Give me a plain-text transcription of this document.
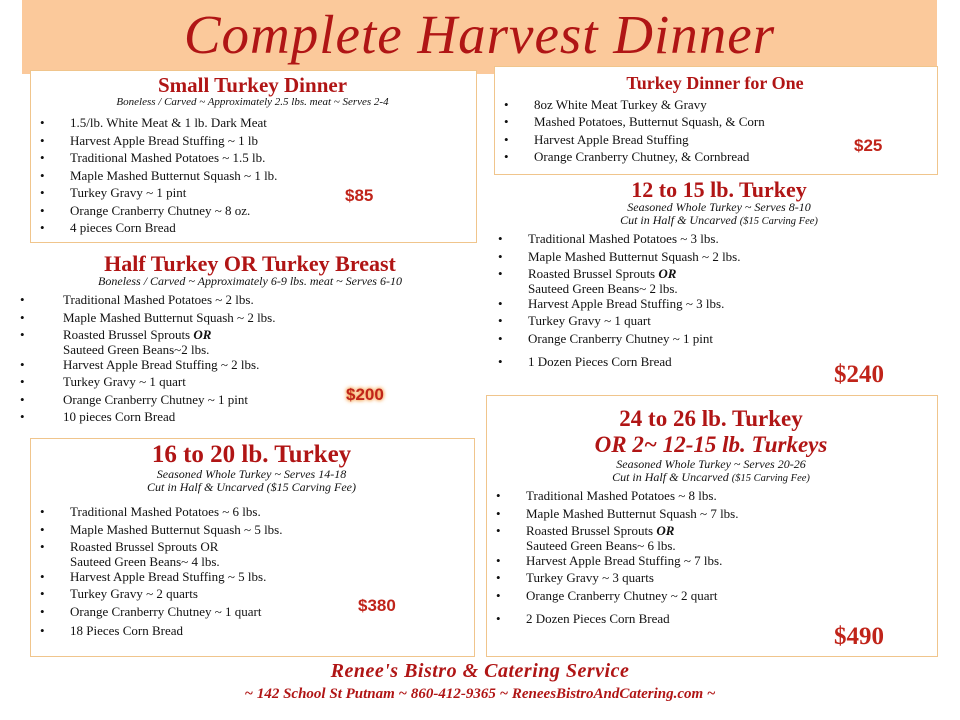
Complete Harvest Dinner
Small Turkey Dinner
Boneless / Carved ~ Approximately 2.5 lbs. meat ~ Serves 2-4
• 1.5/lb. White Meat & 1 lb. Dark Meat
• Harvest Apple Bread Stuffing ~ 1 lb
• Traditional Mashed Potatoes ~ 1.5 lb.
• Maple Mashed Butternut Squash ~ 1 lb.
• Turkey Gravy ~ 1 pint
• Orange Cranberry Chutney ~ 8 oz.
• 4 pieces Corn Bread
$85
Turkey Dinner for One
• 8oz White Meat Turkey & Gravy
• Mashed Potatoes, Butternut Squash, & Corn
• Harvest Apple Bread Stuffing
• Orange Cranberry Chutney, & Cornbread
$25
Half Turkey OR Turkey Breast
Boneless / Carved ~ Approximately 6-9 lbs. meat ~ Serves 6-10
• Traditional Mashed Potatoes ~ 2 lbs.
• Maple Mashed Butternut Squash ~ 2 lbs.
• Roasted Brussel Sprouts OR
Sauteed Green Beans~2 lbs.
• Harvest Apple Bread Stuffing ~ 2 lbs.
• Turkey Gravy ~ 1 quart
• Orange Cranberry Chutney ~ 1 pint
• 10 pieces Corn Bread
$200
12 to 15 lb. Turkey
Seasoned Whole Turkey ~ Serves 8-10
Cut in Half & Uncarved ($15 Carving Fee)
• Traditional Mashed Potatoes ~ 3 lbs.
• Maple Mashed Butternut Squash ~ 2 lbs.
• Roasted Brussel Sprouts OR
Sauteed Green Beans~ 2 lbs.
• Harvest Apple Bread Stuffing ~ 3 lbs.
• Turkey Gravy ~ 1 quart
• Orange Cranberry Chutney ~ 1 pint
• 1 Dozen Pieces Corn Bread	$240
16 to 20 lb. Turkey
Seasoned Whole Turkey ~ Serves 14-18
Cut in Half & Uncarved ($15 Carving Fee)
• Traditional Mashed Potatoes ~ 6 lbs.
• Maple Mashed Butternut Squash ~ 5 lbs.
• Roasted Brussel Sprouts OR
Sauteed Green Beans~ 4 lbs.
• Harvest Apple Bread Stuffing ~ 5 lbs.
• Turkey Gravy ~ 2 quarts
• Orange Cranberry Chutney ~ 1 quart
• 18 Pieces Corn Bread
$380
24 to 26 lb. Turkey
OR 2~ 12-15 lb. Turkeys
Seasoned Whole Turkey ~ Serves 20-26
Cut in Half & Uncarved ($15 Carving Fee)
• Traditional Mashed Potatoes ~ 8 lbs.
• Maple Mashed Butternut Squash ~ 7 lbs.
• Roasted Brussel Sprouts OR
Sauteed Green Beans~ 6 lbs.
• Harvest Apple Bread Stuffing ~ 7 lbs.
• Turkey Gravy ~ 3 quarts
• Orange Cranberry Chutney ~ 2 quart
• 2 Dozen Pieces Corn Bread
$490
Renee's Bistro & Catering Service
~ 142 School St Putnam ~ 860-412-9365 ~ ReneesBistroAndCatering.com ~
